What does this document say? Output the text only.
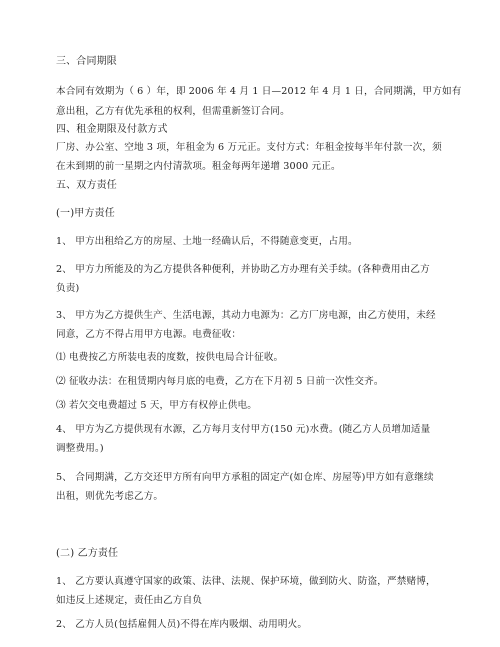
三、合同期限
本合同有效期为（ 6 ）年，即 2006 年 4 月 1 日—2012 年 4 月 1 日，合同期满，甲方如有
意出租，乙方有优先承租的权利，但需重新签订合同。
四、租金期限及付款方式
厂房、办公室、空地 3 项，年租金为 6 万元正。支付方式：年租金按每半年付款一次，须
在未到期的前一星期之内付清款项。租金每两年递增 3000 元正。
五、双方责任
(一)甲方责任
1、 甲方出租给乙方的房屋、土地一经确认后，不得随意变更，占用。
2、 甲方力所能及的为乙方提供各种便利，并协助乙方办理有关手续。(各种费用由乙方
负责)
3、 甲方为乙方提供生产、生活电源，其动力电源为：乙方厂房电源，由乙方使用，未经
同意，乙方不得占用甲方电源。电费征收：
⑴ 电费按乙方所装电表的度数，按供电局合计征收。
⑵ 征收办法：在租赁期内每月底的电费，乙方在下月初 5 日前一次性交齐。
⑶ 若欠交电费超过 5 天，甲方有权停止供电。
4、 甲方为乙方提供现有水源，乙方每月支付甲方(150 元)水费。(随乙方人员增加适量
调整费用。)
5、 合同期满，乙方交还甲方所有向甲方承租的固定产(如仓库、房屋等)甲方如有意继续
出租，则优先考虑乙方。
(二) 乙方责任
1、 乙方要认真遵守国家的政策、法律、法规、保护环境，做到防火、防盗，严禁赌博，
如违反上述规定，责任由乙方自负
2、 乙方人员(包括雇佣人员)不得在库内吸烟、动用明火。
